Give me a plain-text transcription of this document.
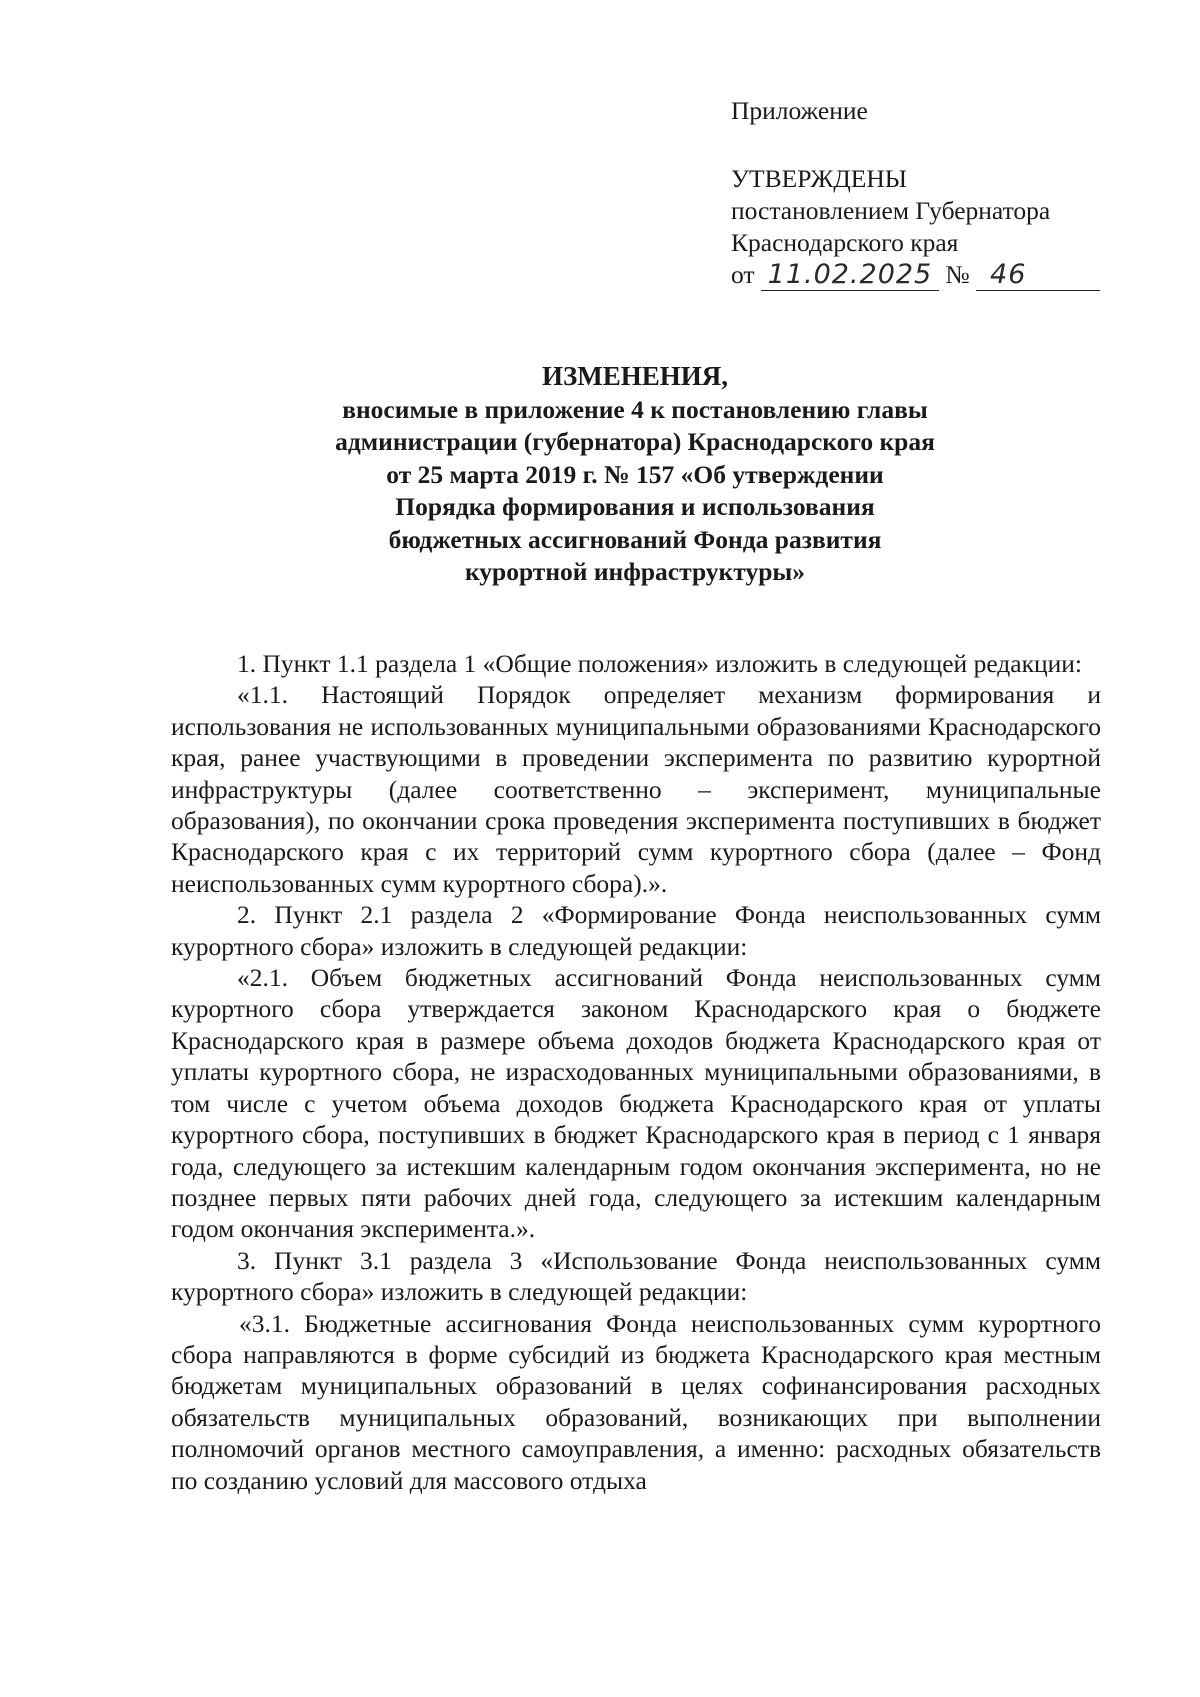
Приложение
УТВЕРЖДЕНЫ
постановлением Губернатора
Краснодарского края
от 11.02.2025 № 46
ИЗМЕНЕНИЯ,
вносимые в приложение 4 к постановлению главы
администрации (губернатора) Краснодарского края
от 25 марта 2019 г. № 157 «Об утверждении
Порядка формирования и использования
бюджетных ассигнований Фонда развития
курортной инфраструктуры»

1. Пункт 1.1 раздела 1 «Общие положения» изложить в следующей редакции:

«1.1. Настоящий Порядок определяет механизм формирования и использования не использованных муниципальными образованиями Краснодарского края, ранее участвующими в проведении эксперимента по развитию курортной инфраструктуры (далее соответственно – эксперимент, муниципальные образования), по окончании срока проведения эксперимента поступивших в бюджет Краснодарского края с их территорий сумм курортного сбора (далее – Фонд неиспользованных сумм курортного сбора).».

2. Пункт 2.1 раздела 2 «Формирование Фонда неиспользованных сумм курортного сбора» изложить в следующей редакции:

«2.1. Объем бюджетных ассигнований Фонда неиспользованных сумм курортного сбора утверждается законом Краснодарского края о бюджете Краснодарского края в размере объема доходов бюджета Краснодарского края от уплаты курортного сбора, не израсходованных муниципальными образованиями, в том числе с учетом объема доходов бюджета Краснодарского края от уплаты курортного сбора, поступивших в бюджет Краснодарского края в период с 1 января года, следующего за истекшим календарным годом окончания эксперимента, но не позднее первых пяти рабочих дней года, следующего за истекшим календарным годом окончания эксперимента.».

3. Пункт 3.1 раздела 3 «Использование Фонда неиспользованных сумм курортного сбора» изложить в следующей редакции:

«3.1. Бюджетные ассигнования Фонда неиспользованных сумм курортного сбора направляются в форме субсидий из бюджета Краснодарского края местным бюджетам муниципальных образований в целях софинансирования расходных обязательств муниципальных образований, возникающих при выполнении полномочий органов местного самоуправления, а именно: расходных обязательств по созданию условий для массового отдыха
